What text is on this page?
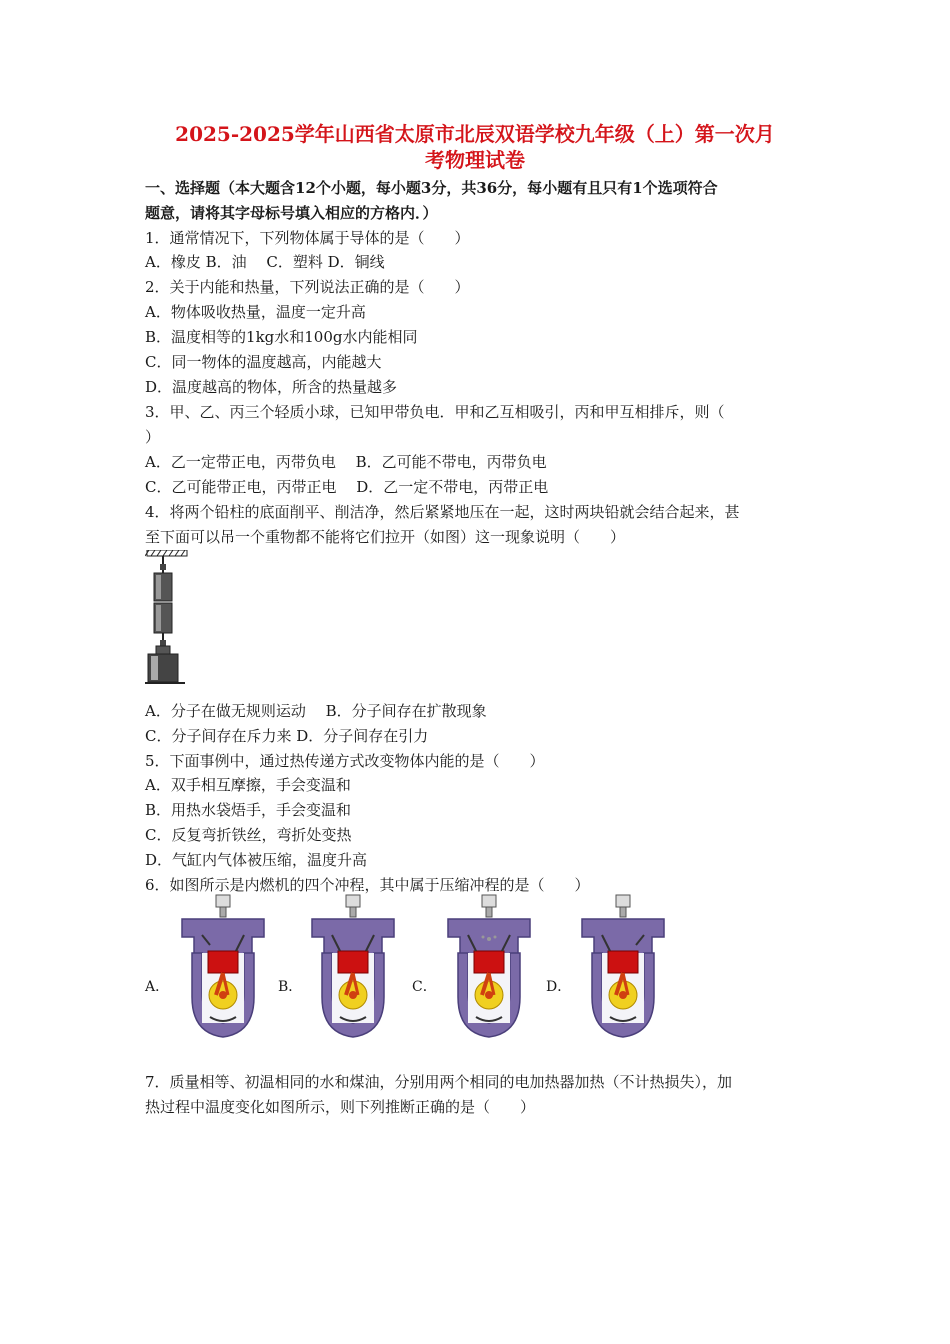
2025-2025学年山西省太原市北辰双语学校九年级（上）第一次月
考物理试卷
一、选择题（本大题含12个小题，每小题3分，共36分，每小题有且只有1个选项符合
题意，请将其字母标号填入相应的方格内．）
1．通常情况下，下列物体属于导体的是（　　）
A．橡皮 B．油　 C．塑料 D．铜线
2．关于内能和热量，下列说法正确的是（　　）
A．物体吸收热量，温度一定升高
B．温度相等的1kg水和100g水内能相同
C．同一物体的温度越高，内能越大
D．温度越高的物体，所含的热量越多
3．甲、乙、丙三个轻质小球，已知甲带负电．甲和乙互相吸引，丙和甲互相排斥，则（
）
A．乙一定带正电，丙带负电　 B．乙可能不带电，丙带负电
C．乙可能带正电，丙带正电　 D．乙一定不带电，丙带正电
4．将两个铅柱的底面削平、削洁净，然后紧紧地压在一起，这时两块铅就会结合起来，甚
至下面可以吊一个重物都不能将它们拉开（如图）这一现象说明（　　）
A．分子在做无规则运动　 B．分子间存在扩散现象
C．分子间存在斥力来 D．分子间存在引力
5．下面事例中，通过热传递方式改变物体内能的是（　　）
A．双手相互摩擦，手会变温和
B．用热水袋焐手，手会变温和
C．反复弯折铁丝，弯折处变热
D．气缸内气体被压缩，温度升高
6．如图所示是内燃机的四个冲程，其中属于压缩冲程的是（　　）
A．	B．	C．	D．
7．质量相等、初温相同的水和煤油，分别用两个相同的电加热器加热（不计热损失），加
热过程中温度变化如图所示，则下列推断正确的是（　　）
